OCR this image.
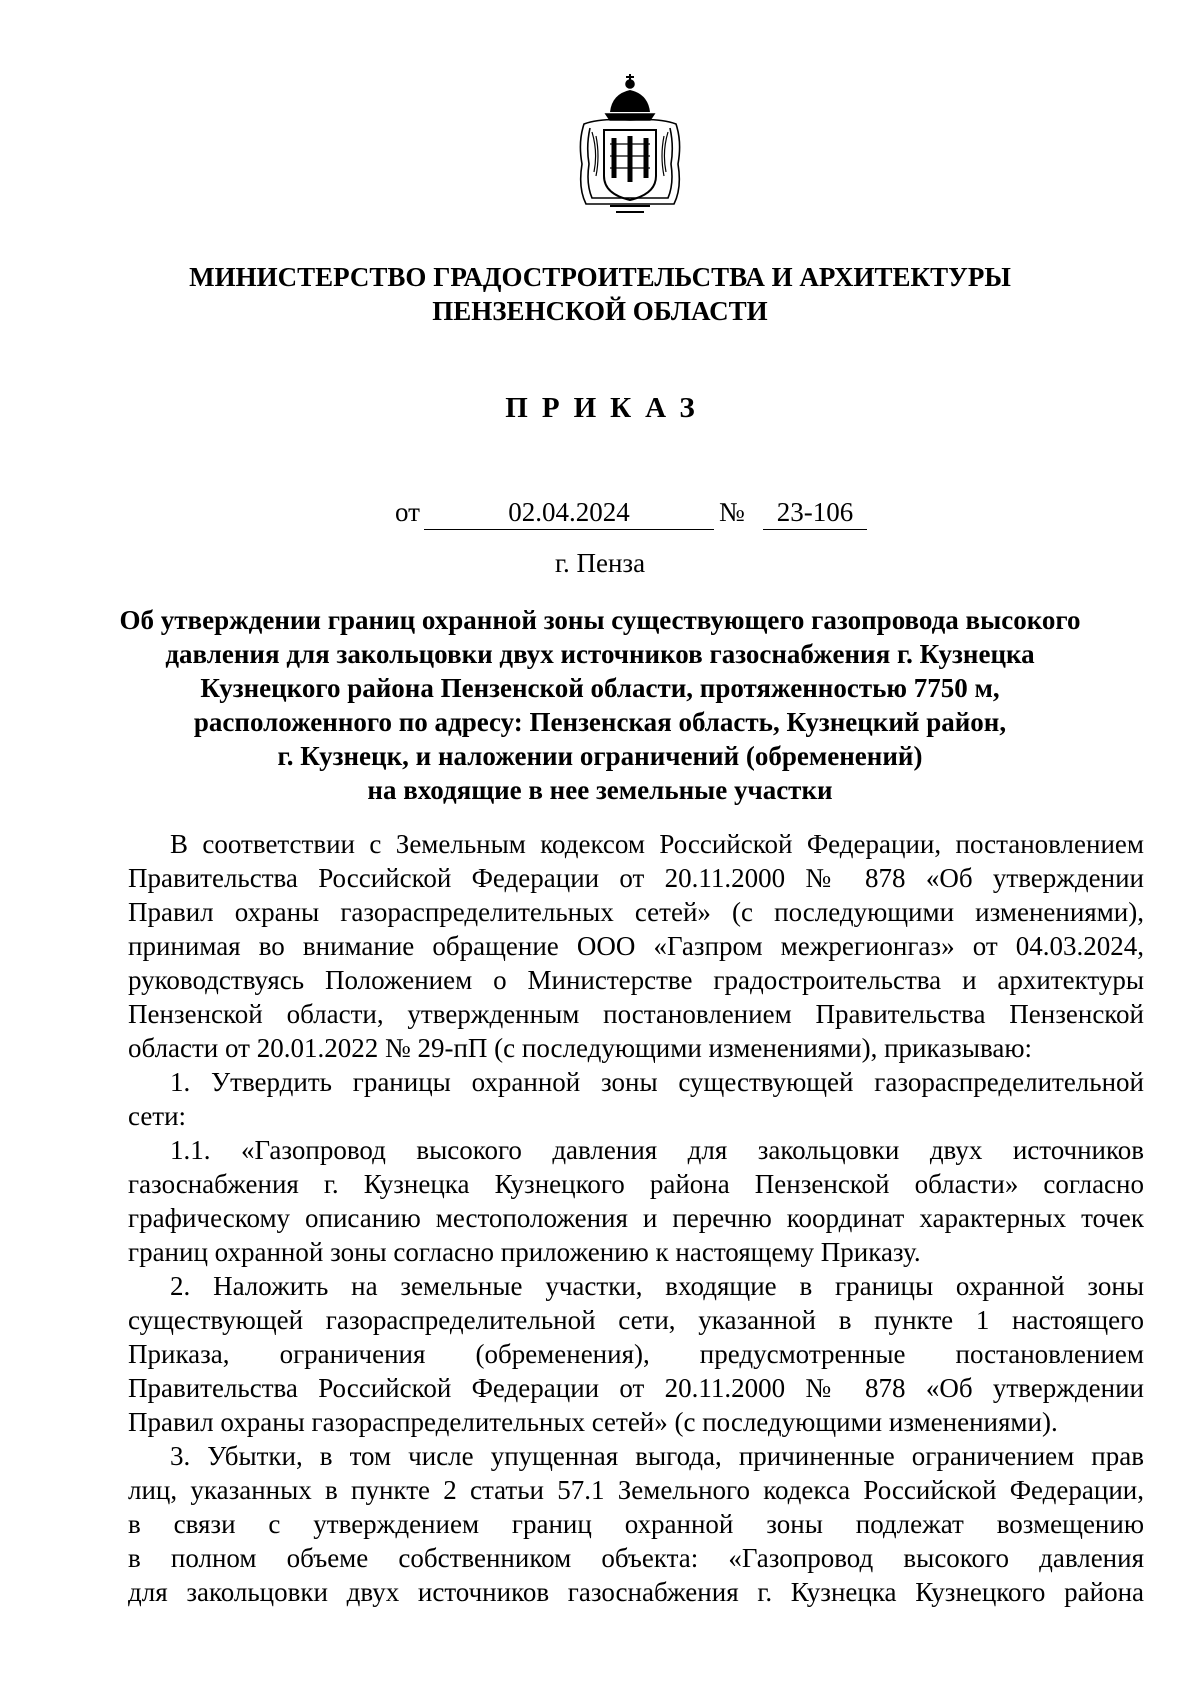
МИНИСТЕРСТВО ГРАДОСТРОИТЕЛЬСТВА И АРХИТЕКТУРЫ
ПЕНЗЕНСКОЙ ОБЛАСТИ
ПРИКАЗ
от	02.04.2024	№	23-106
г. Пенза
Об утверждении границ охранной зоны существующего газопровода высокого
давления для закольцовки двух источников газоснабжения г. Кузнецка
Кузнецкого района Пензенской области, протяженностью 7750 м,
расположенного по адресу: Пензенская область, Кузнецкий район,
г. Кузнецк, и наложении ограничений (обременений)
на входящие в нее земельные участки
В соответствии с Земельным кодексом Российской Федерации, постановлением
Правительства Российской Федерации от 20.11.2000 № 878 «Об утверждении
Правил охраны газораспределительных сетей» (с последующими изменениями),
принимая во внимание обращение ООО «Газпром межрегионгаз» от 04.03.2024,
руководствуясь Положением о Министерстве градостроительства и архитектуры
Пензенской области, утвержденным постановлением Правительства Пензенской
области от 20.01.2022 № 29-пП (с последующими изменениями), приказываю:
1. Утвердить границы охранной зоны существующей газораспределительной
сети:
1.1. «Газопровод высокого давления для закольцовки двух источников
газоснабжения г. Кузнецка Кузнецкого района Пензенской области» согласно
графическому описанию местоположения и перечню координат характерных точек
границ охранной зоны согласно приложению к настоящему Приказу.
2. Наложить на земельные участки, входящие в границы охранной зоны
существующей газораспределительной сети, указанной в пункте 1 настоящего
Приказа, ограничения (обременения), предусмотренные постановлением
Правительства Российской Федерации от 20.11.2000 № 878 «Об утверждении
Правил охраны газораспределительных сетей» (с последующими изменениями).
3. Убытки, в том числе упущенная выгода, причиненные ограничением прав
лиц, указанных в пункте 2 статьи 57.1 Земельного кодекса Российской Федерации,
в связи с утверждением границ охранной зоны подлежат возмещению
в полном объеме собственником объекта: «Газопровод высокого давления
для закольцовки двух источников газоснабжения г. Кузнецка Кузнецкого района
